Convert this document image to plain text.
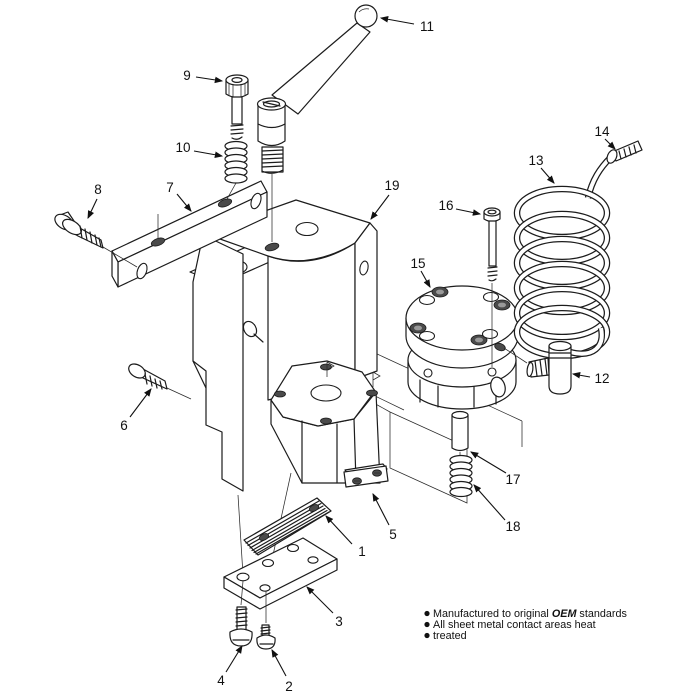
1
2
3
4
5
6
7
8
9
10
11
12
13
14
15
16
17
18
19
Manufactured to original OEM standards
All sheet metal contact areas heat
treated
